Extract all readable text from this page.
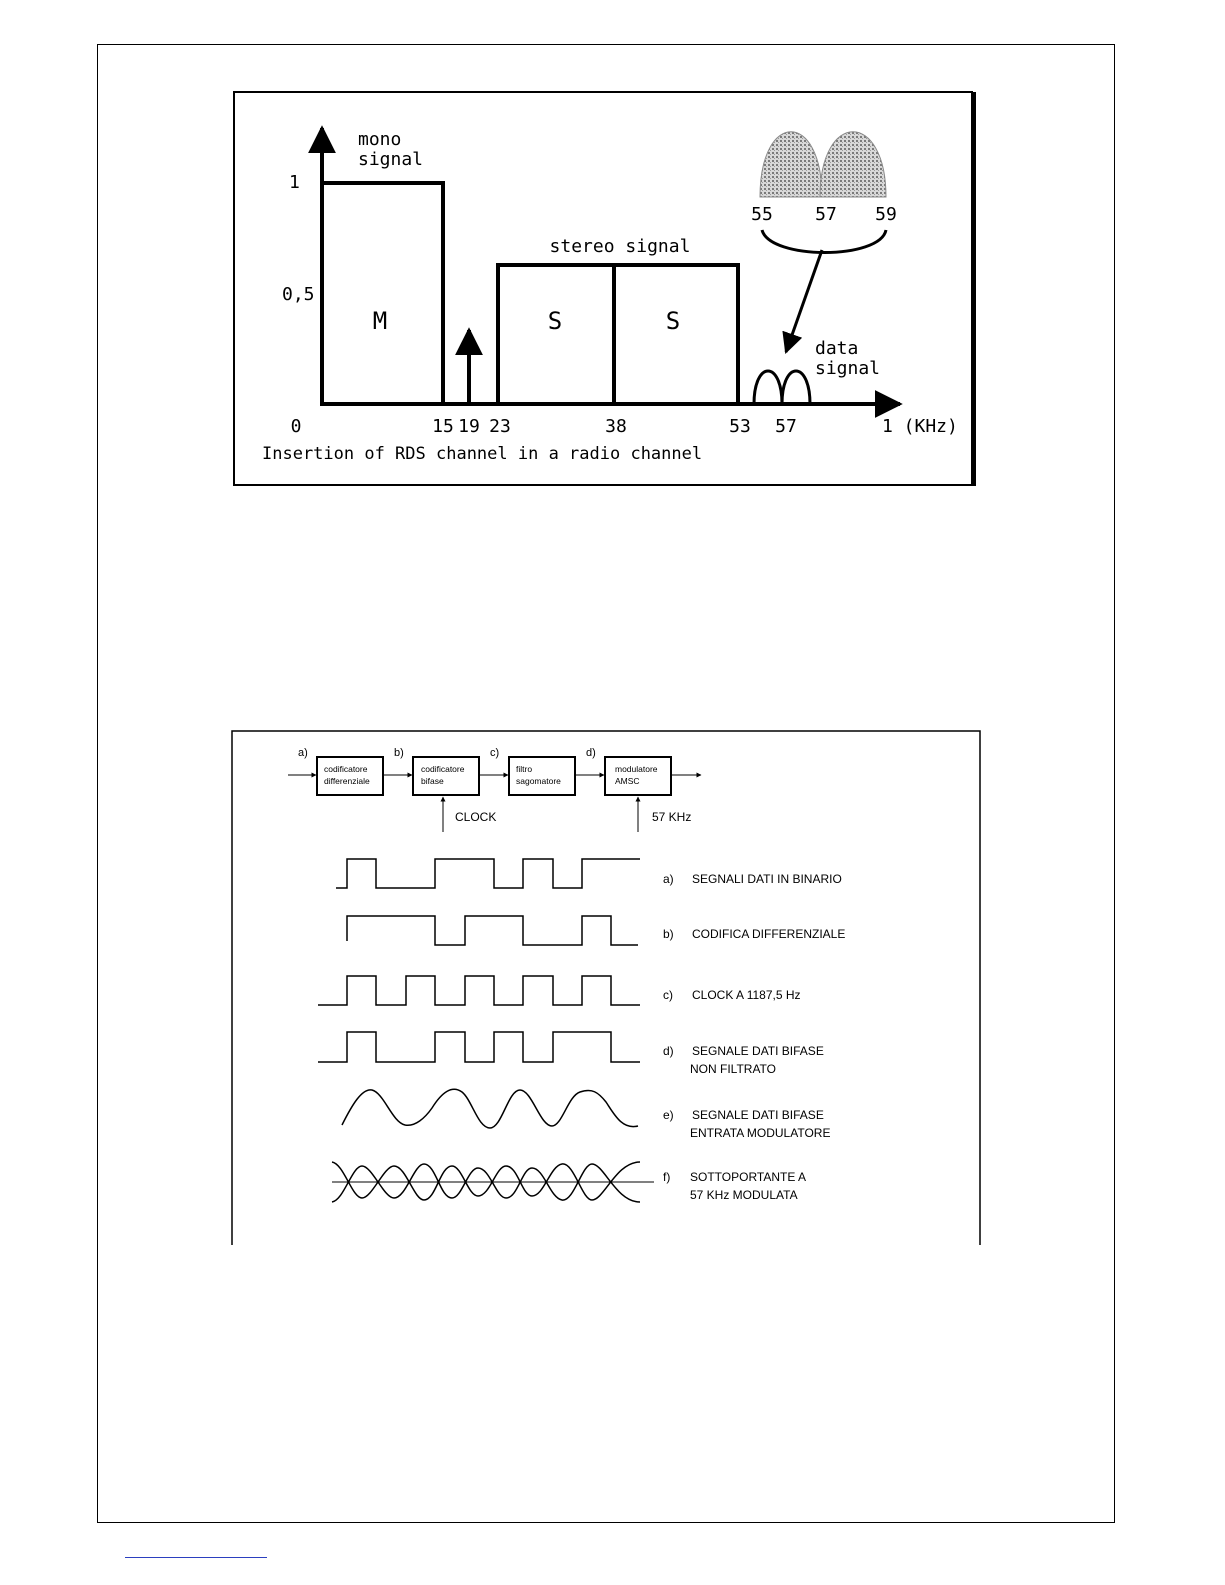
mono
signal
1
0,5
M
stereo signal
S	S
data
signal
55 57 59
0	15 19 23	38	53 57	1 (KHz)
Insertion of RDS channel in a radio channel
a)	b)	c)	d)
codificatore
differenziale
codificatore
bifase
filtro
sagomatore
modulatore
AMSC
CLOCK	57 KHz
a) SEGNALI DATI IN BINARIO
b) CODIFICA DIFFERENZIALE
c) CLOCK A 1187,5 Hz
d) SEGNALE DATI BIFASE
NON FILTRATO
e) SEGNALE DATI BIFASE
ENTRATA MODULATORE
f) SOTTOPORTANTE A
57 KHz MODULATA
